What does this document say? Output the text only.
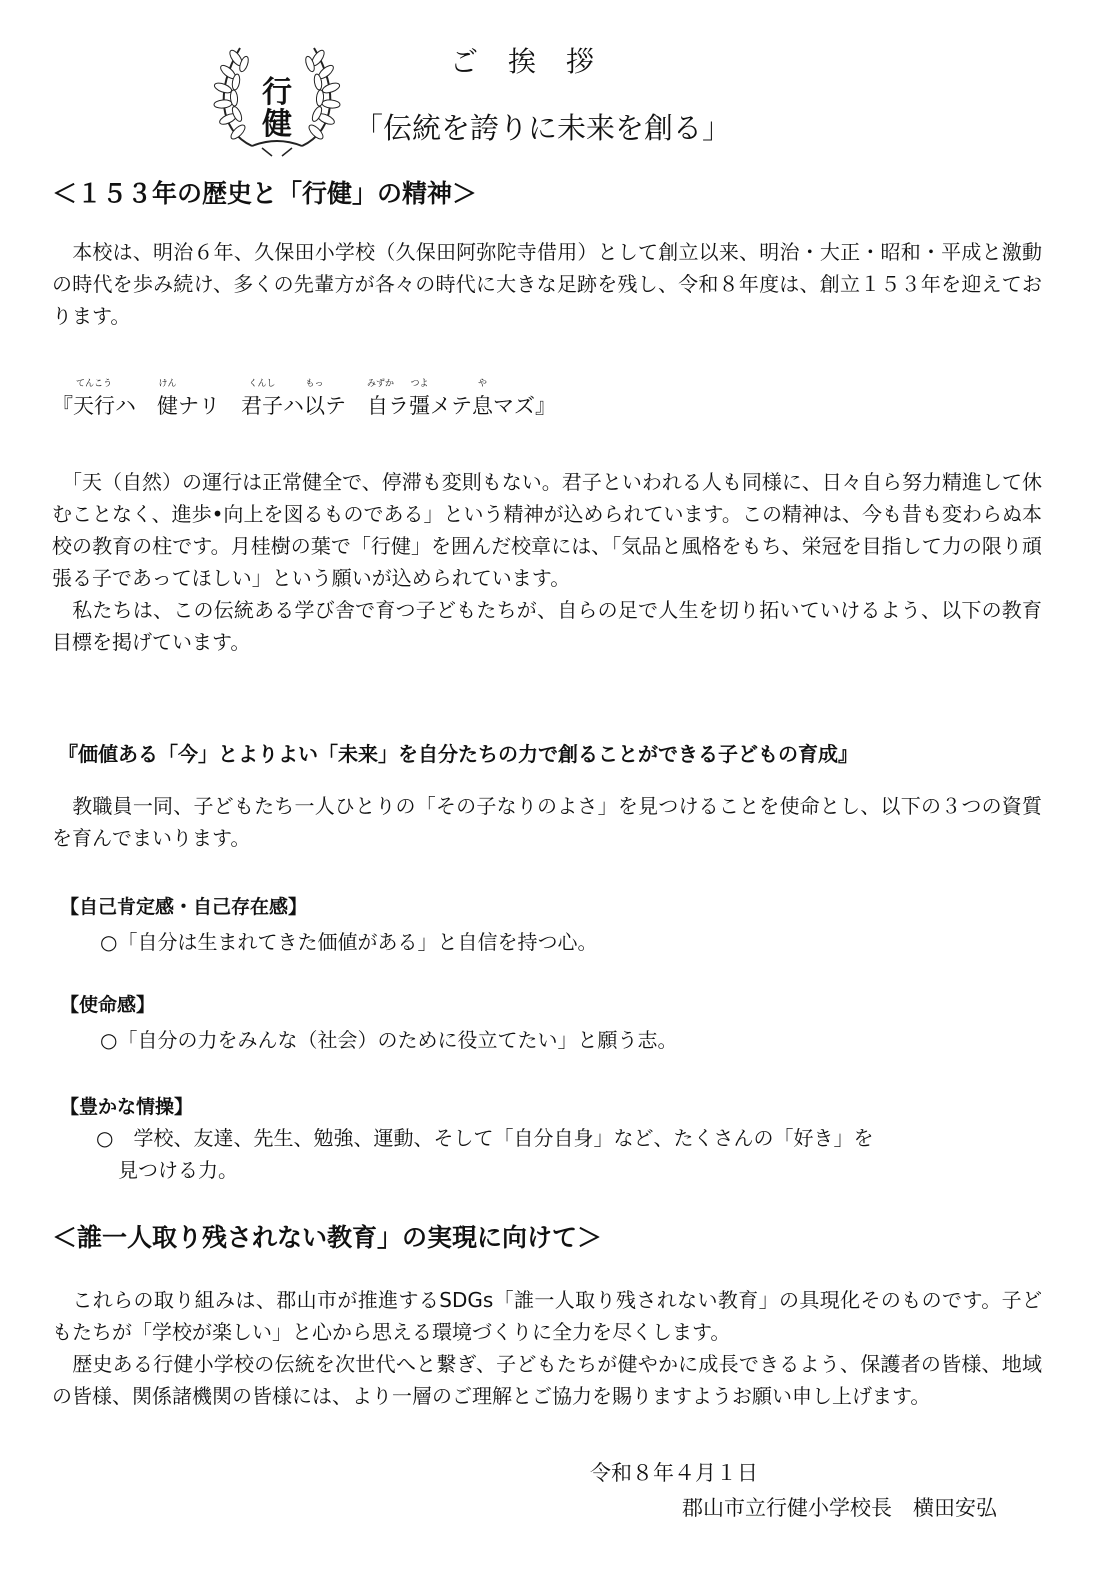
行
健
ご挨拶
「伝統を誇りに未来を創る」
＜１５３年の歴史と「行健」の精神＞

　本校は、明治６年、久保田小学校（久保田阿弥陀寺借用）として創立以来、明治・大正・昭和・平成と激動の時代を歩み続け、多くの先輩方が各々の時代に大きな足跡を残し、令和８年度は、創立１５３年を迎えております。

『天行
てんこう
ハ　健
けん
ナリ　君子
くんし
ハ以
もっ
テ　自
みずか
ラ彊
つよ
メテ息
や
マズ』

　「天（自然）の運行は正常健全で、停滞も変則もない。君子といわれる人も同様に、日々自ら努力精進して休むことなく、進歩•向上を図るものである」という精神が込められています。この精神は、今も昔も変わらぬ本校の教育の柱です。月桂樹の葉で「行健」を囲んだ校章には、「気品と風格をもち、栄冠を目指して力の限り頑張る子であってほしい」という願いが込められています。

　私たちは、この伝統ある学び舎で育つ子どもたちが、自らの足で人生を切り拓いていけるよう、以下の教育目標を掲げています。

『価値ある「今」とよりよい「未来」を自分たちの力で創ることができる子どもの育成』

　教職員一同、子どもたち一人ひとりの「その子なりのよさ」を見つけることを使命とし、以下の３つの資質を育んでまいります。

【自己肯定感・自己存在感】
○「自分は生まれてきた価値がある」と自信を持つ心。
【使命感】
○「自分の力をみんな（社会）のために役立てたい」と願う志。
【豊かな情操】
○　学校、友達、先生、勉強、運動、そして「自分自身」など、たくさんの「好き」を
見つける力。
＜誰一人取り残されない教育」の実現に向けて＞

　これらの取り組みは、郡山市が推進するSDGs「誰一人取り残されない教育」の具現化そのものです。子どもたちが「学校が楽しい」と心から思える環境づくりに全力を尽くします。

　歴史ある行健小学校の伝統を次世代へと繋ぎ、子どもたちが健やかに成長できるよう、保護者の皆様、地域の皆様、関係諸機関の皆様には、より一層のご理解とご協力を賜りますようお願い申し上げます。

令和８年４月１日
郡山市立行健小学校長　横田安弘
